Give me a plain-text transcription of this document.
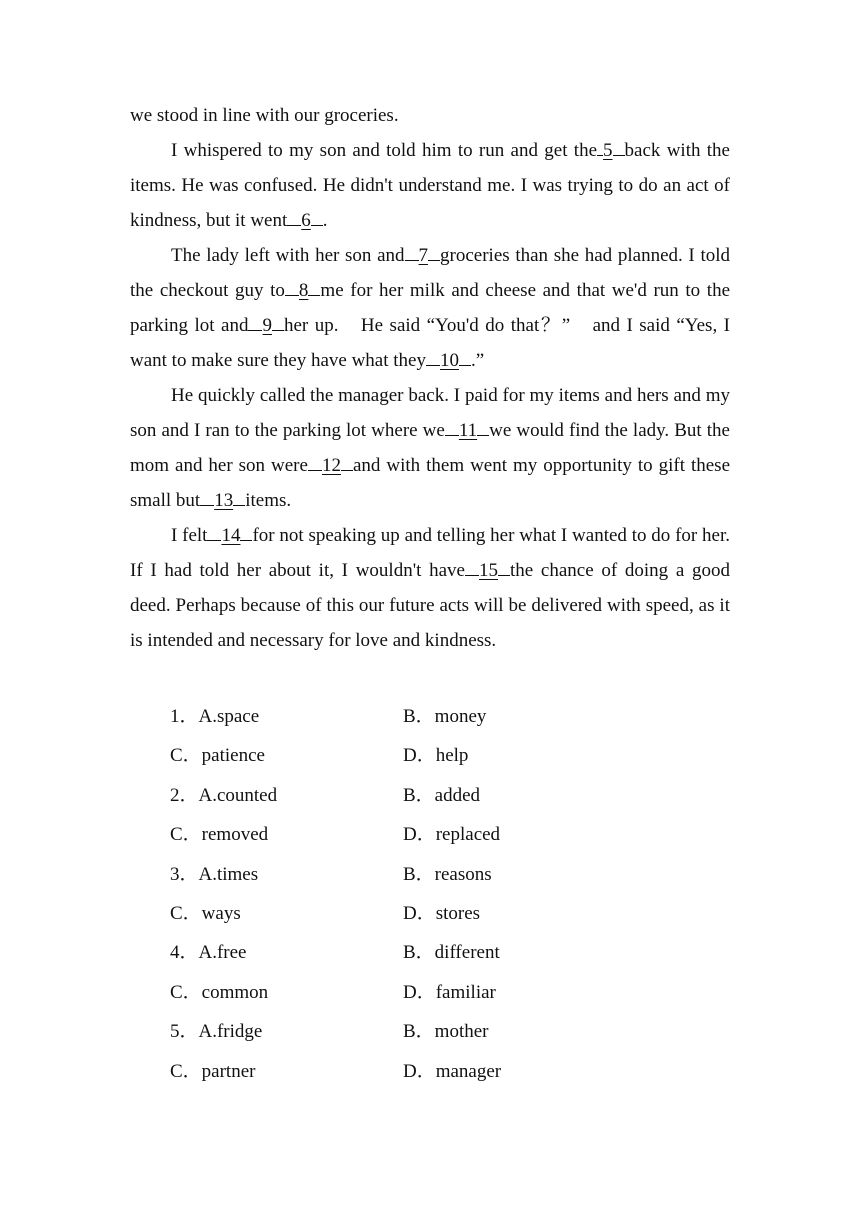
we stood in line with our groceries.

I whispered to my son and told him to run and get the 5 back with the items. He was confused. He didn't understand me. I was trying to do an act of kindness, but it went 6 .

The lady left with her son and 7 groceries than she had planned. I told the checkout guy to 8 me for her milk and cheese and that we'd run to the parking lot and 9 her up.　He said “You'd do that？”　and I said “Yes, I want to make sure they have what they 10 .”

He quickly called the manager back. I paid for my items and hers and my son and I ran to the parking lot where we 11 we would find the lady. But the mom and her son were 12 and with them went my opportunity to gift these small but 13 items.

I felt 14 for not speaking up and telling her what I wanted to do for her. If I had told her about it, I wouldn't have 15 the chance of doing a good deed. Perhaps because of this our future acts will be delivered with speed, as it is intended and necessary for love and kindness.

1．A.space	B．money
C．patience	D．help
2．A.counted	B．added
C．removed	D．replaced
3．A.times	B．reasons
C．ways	D．stores
4．A.free	B．different
C．common	D．familiar
5．A.fridge	B．mother
C．partner	D．manager
